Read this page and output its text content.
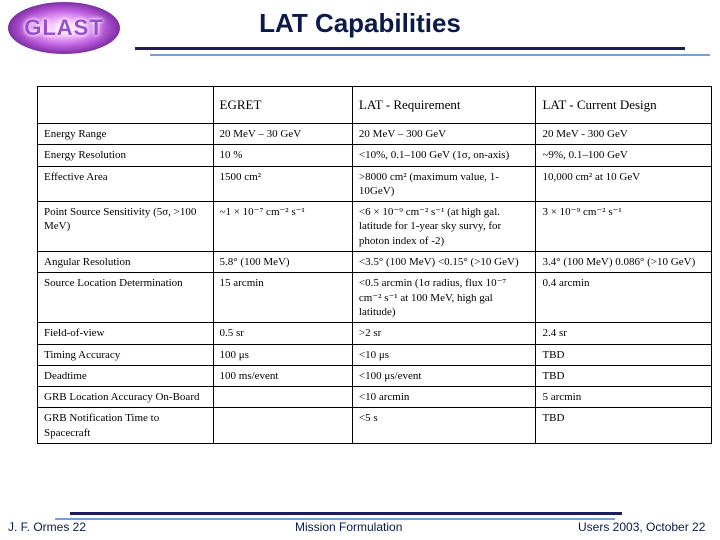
GLAST	LAT Capabilities
	EGRET	LAT - Requirement	LAT - Current Design
Energy Range	20 MeV – 30 GeV	20 MeV – 300 GeV	20 MeV - 300 GeV
Energy Resolution	10 %	<10%, 0.1–100 GeV (1σ, on-axis)	~9%, 0.1–100 GeV
Effective Area	1500 cm²	>8000 cm² (maximum value, 1-10GeV)	10,000 cm² at 10 GeV
Point Source Sensitivity (5σ, >100 MeV)	~1 × 10⁻⁷ cm⁻² s⁻¹	<6 × 10⁻⁹ cm⁻² s⁻¹ (at high gal. latitude for 1-year sky survy, for photon index of -2)	3 × 10⁻⁹ cm⁻² s⁻¹
Angular Resolution	5.8° (100 MeV)	<3.5° (100 MeV) <0.15° (>10 GeV)	3.4° (100 MeV) 0.086° (>10 GeV)
Source Location Determination	15 arcmin	<0.5 arcmin (1σ radius, flux 10⁻⁷ cm⁻² s⁻¹ at 100 MeV, high gal latitude)	0.4 arcmin
Field-of-view	0.5 sr	>2 sr	2.4 sr
Timing Accuracy	100 μs	<10 μs	TBD
Deadtime	100 ms/event	<100 μs/event	TBD
GRB Location Accuracy On-Board		<10 arcmin	5 arcmin
GRB Notification Time to Spacecraft		<5 s	TBD
J. F. Ormes 22	Mission Formulation	Users 2003, October 22
